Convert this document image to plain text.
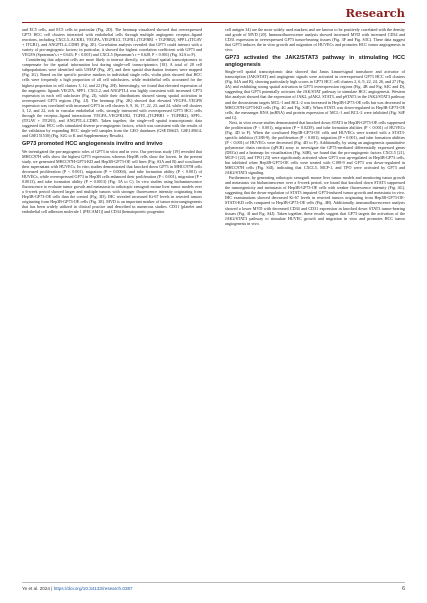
Research

and EC5 cells, and EC5 cells in particular (Fig. 2D). The heatmap visualized showed that overexpressed GP73 HCC cell clusters interacted with endothelial cells through multiple angiogenic receptor–ligand reactions, including CXCL5–ACKR1, VEGFA–VEGFR1/2, TGFB1–(TGFBR1 + TGFBR2), SPP1–(ITGAV + ITGB1), and ANGPTL4–CDH5 (Fig. 2E). Correlation analysis revealed that GP73 could interact with a variety of pro-angiogenic factors; in particular, it showed the highest correlation coefficient with GP73 and VEGFA (Spearman’s r = 0.643; P < 0.001) and CXCL5 (Spearman’s r = 0.628, P < 0.001) (Fig. S2A to F).

Considering that adjacent cells are more likely to interact directly, we utilized spatial transcriptomics to compensate for the spatial information lost during single-cell transcriptomics [18]. A total of 28 cell subpopulations were identified with UMAP (Fig. 2F), and their spatial distribution features were mapped (Fig. 2G). Based on the specific positive markers in individual single cells, violin plots showed that HCC cells were frequently a high proportion of all cell subclusters, while endothelial cells accounted for the highest proportion in cell clusters 3, 12, and 22 (Fig. 2H). Interestingly, we found that elevated expression of the angiogenic ligands VEGFA, SPP1, CXCL2, and ANGPTL4 was highly consistent with increased GP73 expression in each cell subcluster (Fig. 2I), while their distributions showed strong spatial activation in overexpressed GP73 regions (Fig. 2J). The heatmap (Fig. 2K) showed that elevated VEGFA–VEGFR expression was correlated with increased GP73 in cell clusters 6, 9, 16, 17, 22, 23, and 24, while cell clusters 3, 12, and 22, rich in vascular endothelial cells, strongly interacted with overexpressed GP73 HCC cells through the receptor–ligand interactions VEGFA–VEGFR1/R2, TGFB1–(TGFBR1 + TGFBR2), SPP1–(ITGAV + ITGB1), and ANGPTL4–CDH5. Taken together, the single-cell spatial transcriptomic data suggested that HCC cells stimulated diverse pro-angiogenic factors, which was consistent with the results of the validation by expanding HCC single-cell samples from the GEO databases (GSE156625, GSE149614, and GSE151530) (Fig. S2G to K and Supplementary Results).

GP73 promoted HCC angiogenesis invitro and invivo

We investigated the pro-angiogenic roles of GP73 in vitro and in vivo. Our previous study [19] revealed that MHCC97H cells show the highest GP73 expression, whereas Hep3B cells show the lowest. In the present study, we generated MHCC97H-GP73-KD and Hep3B-GP73-OE cell lines (Fig. S3A and B) and cocultured their supernatant with HUVECs. In vitro studies demonstrated that knocked down GP73 in MHCC97H cells decreased proliferation (P < 0.001), migration (P = 0.0004), and tube formation ability (P < 0.001) of HUVECs, while overexpressed GP73 in Hep3B cells enhanced their proliferation (P < 0.001), migration (P = 0.0013), and tube formation ability (P = 0.0013) (Fig. 3A to C). In vivo studies using bioluminescence fluorescence to evaluate tumor growth and metastasis in orthotopic xenograft mouse liver tumor models over a 6-week period showed larger and multiple tumors with stronger fluorescence intensity originating from Hep3B-GP73-OE cells than the control (Fig. 3D). IHC revealed increased Ki-67 levels in resected tumors originating from Hep3B-GP73-OE cells (Fig. 3E). MVD is an important marker of tumor microangiogenesis that has been widely utilized in clinical practice and described in numerous studies. CD31 [platelet and endothelial cell adhesion molecule 1 (PECAM1)] and CD34 (hematopoietic progenitor

cell antigen 34) are the most widely used markers and are known to be positively correlated with the density and grade of MVD [20]. Immunofluorescence analysis showed increased MVD with increased CD34 and CD31 expression in overexpressed GP73 tumor-bearing tissues (Fig. 3F and Fig. S3C). These data suggest that GP73 induces the in vitro growth and migration of HUVECs and promotes HCC tumor angiogenesis in vivo.

GP73 activated the JAK2/STAT3 pathway in stimulating HCC angiogenesis

Single-cell spatial transcriptomic data showed that Janus kinase/signal transducer and activator of transcription (JAK/STAT) and angiogenic signals were activated in overexpressed GP73 HCC cell clusters (Fig. S4A and B), showing particularly high scores in GP73 HCC cell clusters 2, 6, 9, 22, 24, 26, and 27 (Fig. 4A) and exhibiting strong spatial activation in GP73 overexpression regions (Fig. 4B and Fig. S4C and D), suggesting that GP73 potentially activates the JAK/STAT pathway to stimulate HCC angiogenesis. Western blot analysis showed that the expression of JAK2, pJAK2, STAT3, and pSTAT3 in the JAK2/STAT3 pathway and the downstream targets MCL-1 and BCL-2 was increased in Hep3B-GP73-OE cells but was decreased in MHCC97H-GP73-KD cells (Fig. 4C and Fig. S4E). When STAT3 was down-regulated in Hep3B-GP73-OE cells, the messenger RNA (mRNA) and protein expression of MCL-1 and BCL-2 were inhibited (Fig. S4F and G).

Next, in vitro rescue studies demonstrated that knocked down STAT3 in Hep3B-GP73-OE cells suppressed the proliferation (P < 0.001), migration (P = 0.0239), and tube formation abilities (P < 0.001) of HUVECs (Fig. 4D to F). When the cocultured Hep3B-GP73-OE cells and HUVECs were treated with a STAT3-specific inhibitor (C188-9), the proliferation (P < 0.001), migration (P = 0.001), and tube formation abilities (P < 0.001) of HUVECs were decreased (Fig. 4D to F). Additionally, by using an angiogenesis quantitative polymerase chain reaction (qPCR) array to investigate the GP73-mediated differentially expressed genes (DEGs) and a heatmap for visualization (Fig. S4H), we found that the pro-angiogenic factors CXCL5 [21], MCP-1 [22], and TPO [23] were significantly activated when GP73 was up-regulated in Hep3B-GP73 cells, but inhibited when Hep3B-GP73-OE cells were treated with C188-9 and GP73 was down-regulated in MHCC97H cells (Fig. S4I), indicating that CXCL5, MCP-1, and TPO were activated by GP73 and JAK2/STAT3 signaling.

Furthermore, by generating orthotopic xenograft mouse liver tumor models and monitoring tumor growth and metastasis via bioluminescence over a 6-week period, we found that knocked down STAT3 suppressed the tumorigenicity and metastasis of Hep3B-GP73-OE cells with weaker fluorescence intensity (Fig. 4G), suggesting that the down-regulation of STAT3 impaired GP73-induced tumor growth and metastasis in vivo. IHC examinations showed decreased Ki-67 levels in resected tumors originating from Hep3B-GP73-OE-STAT3-KD cells compared to Hep3B-GP73-OE cells (Fig. 4H). Additionally, immunofluorescence analysis showed a lower MVD with decreased CD34 and CD31 expression in knocked down STAT3 tumor-bearing tissues (Fig. 4I and Fig. S4J). Taken together, these results suggest that GP73 targets the activation of the JAK2/STAT3 pathway to stimulate HUVEC growth and migration in vitro and promotes HCC tumor angiogenesis in vivo.

Ye et al. 2024 | https://doi.org/10.34133/research.0387	6
